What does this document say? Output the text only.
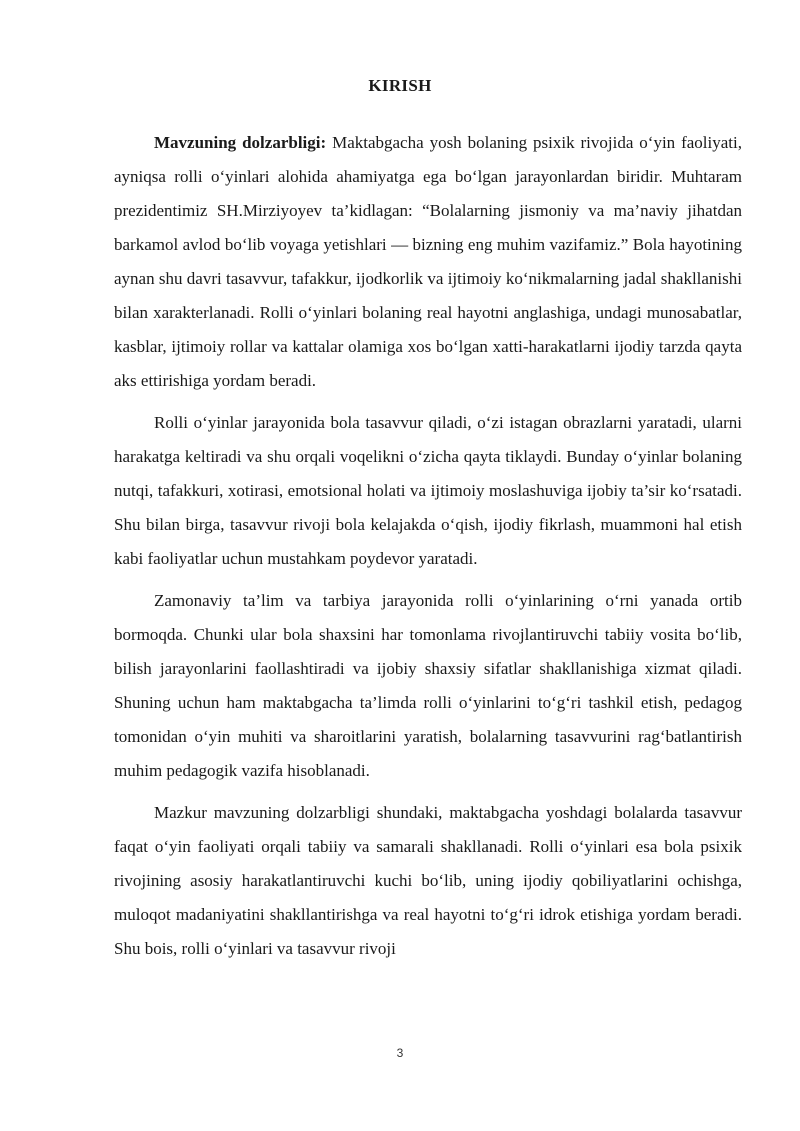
KIRISH

Mavzuning dolzarbligi: Maktabgacha yosh bolaning psixik rivojida o‘yin faoliyati, ayniqsa rolli o‘yinlari alohida ahamiyatga ega bo‘lgan jarayonlardan biridir. Muhtaram prezidentimiz SH.Mirziyoyev ta’kidlagan: “Bolalarning jismoniy va ma’naviy jihatdan barkamol avlod bo‘lib voyaga yetishlari — bizning eng muhim vazifamiz.” Bola hayotining aynan shu davri tasavvur, tafakkur, ijodkorlik va ijtimoiy ko‘nikmalarning jadal shakllanishi bilan xarakterlanadi. Rolli o‘yinlari bolaning real hayotni anglashiga, undagi munosabatlar, kasblar, ijtimoiy rollar va kattalar olamiga xos bo‘lgan xatti-harakatlarni ijodiy tarzda qayta aks ettirishiga yordam beradi.

Rolli o‘yinlar jarayonida bola tasavvur qiladi, o‘zi istagan obrazlarni yaratadi, ularni harakatga keltiradi va shu orqali voqelikni o‘zicha qayta tiklaydi. Bunday o‘yinlar bolaning nutqi, tafakkuri, xotirasi, emotsional holati va ijtimoiy moslashuviga ijobiy ta’sir ko‘rsatadi. Shu bilan birga, tasavvur rivoji bola kelajakda o‘qish, ijodiy fikrlash, muammoni hal etish kabi faoliyatlar uchun mustahkam poydevor yaratadi.

Zamonaviy ta’lim va tarbiya jarayonida rolli o‘yinlarining o‘rni yanada ortib bormoqda. Chunki ular bola shaxsini har tomonlama rivojlantiruvchi tabiiy vosita bo‘lib, bilish jarayonlarini faollashtiradi va ijobiy shaxsiy sifatlar shakllanishiga xizmat qiladi. Shuning uchun ham maktabgacha ta’limda rolli o‘yinlarini to‘g‘ri tashkil etish, pedagog tomonidan o‘yin muhiti va sharoitlarini yaratish, bolalarning tasavvurini rag‘batlantirish muhim pedagogik vazifa hisoblanadi.

Mazkur mavzuning dolzarbligi shundaki, maktabgacha yoshdagi bolalarda tasavvur faqat o‘yin faoliyati orqali tabiiy va samarali shakllanadi. Rolli o‘yinlari esa bola psixik rivojining asosiy harakatlantiruvchi kuchi bo‘lib, uning ijodiy qobiliyatlarini ochishga, muloqot madaniyatini shakllantirishga va real hayotni to‘g‘ri idrok etishiga yordam beradi. Shu bois, rolli o‘yinlari va tasavvur rivoji

3
